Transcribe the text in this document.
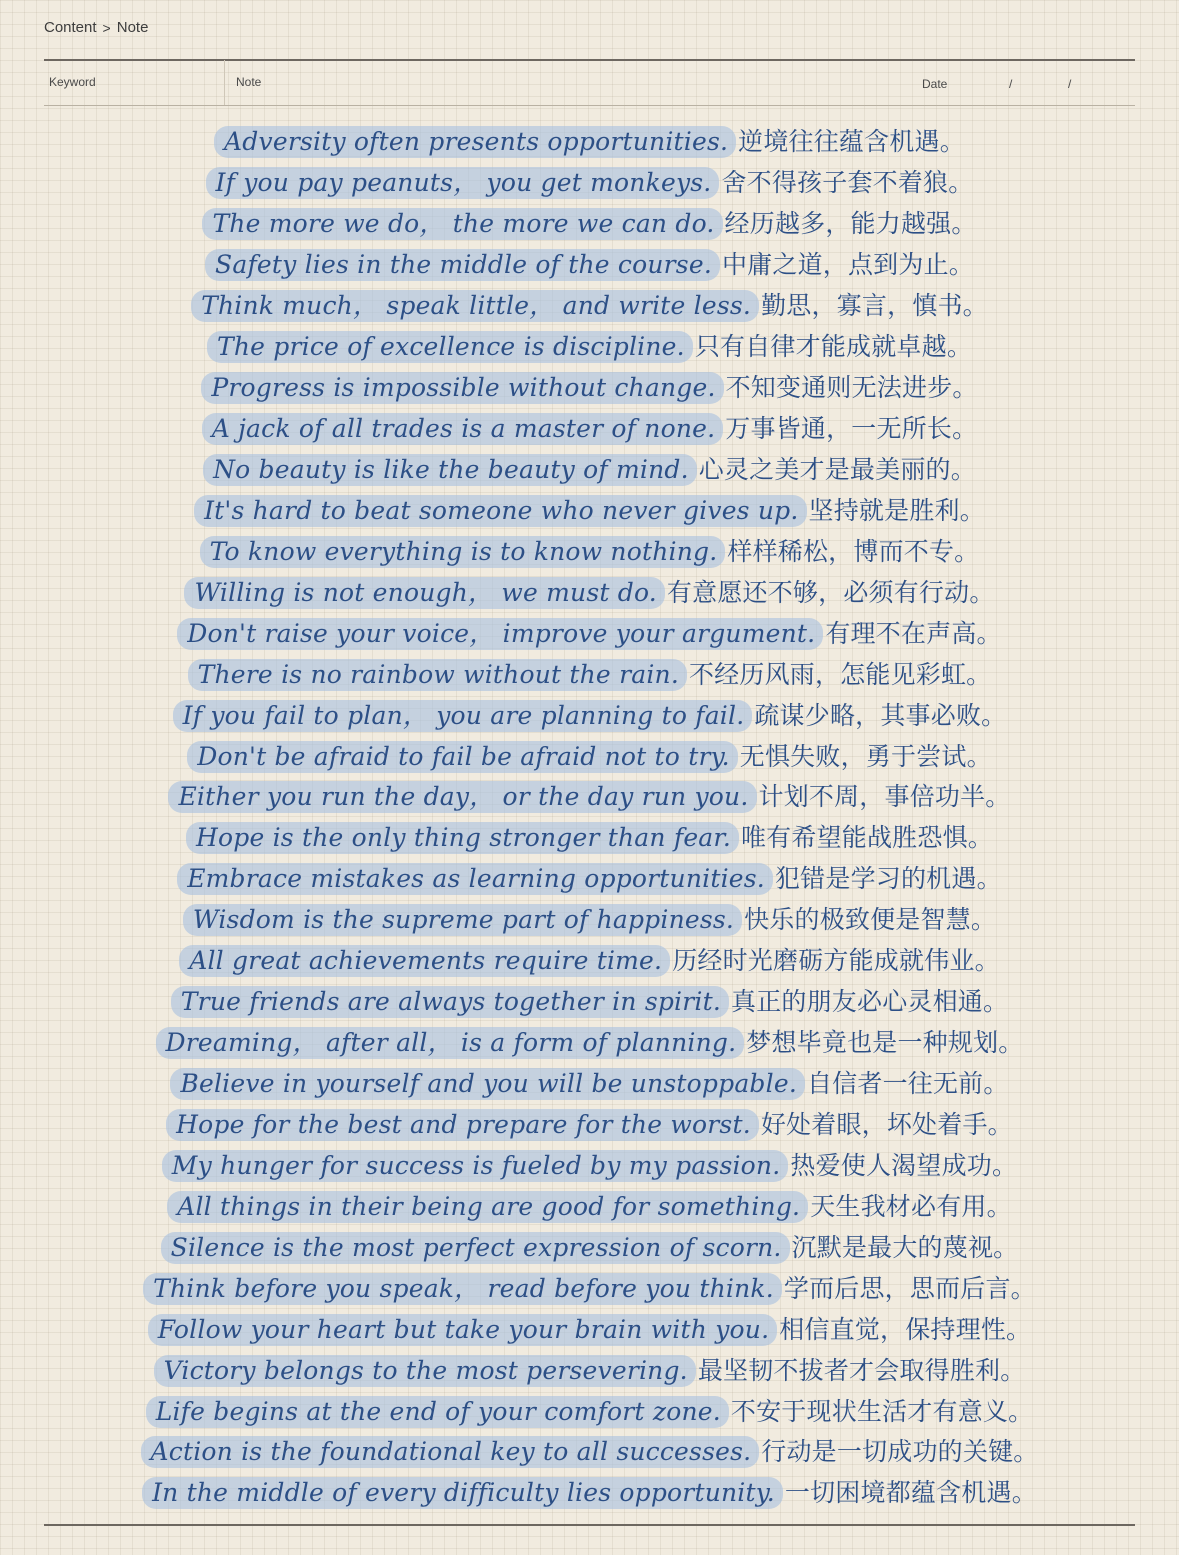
Content > Note
Keyword	Note	Date	/	/
Adversity often presents opportunities. 逆境往往蕴含机遇。
If you pay peanuts， you get monkeys. 舍不得孩子套不着狼。
The more we do， the more we can do. 经历越多，能力越强。
Safety lies in the middle of the course. 中庸之道，点到为止。
Think much， speak little， and write less. 勤思，寡言，慎书。
The price of excellence is discipline. 只有自律才能成就卓越。
Progress is impossible without change. 不知变通则无法进步。
A jack of all trades is a master of none. 万事皆通，一无所长。
No beauty is like the beauty of mind. 心灵之美才是最美丽的。
It's hard to beat someone who never gives up. 坚持就是胜利。
To know everything is to know nothing. 样样稀松，博而不专。
Willing is not enough， we must do. 有意愿还不够，必须有行动。
Don't raise your voice， improve your argument. 有理不在声高。
There is no rainbow without the rain. 不经历风雨，怎能见彩虹。
If you fail to plan， you are planning to fail. 疏谋少略，其事必败。
Don't be afraid to fail be afraid not to try. 无惧失败，勇于尝试。
Either you run the day， or the day run you. 计划不周，事倍功半。
Hope is the only thing stronger than fear. 唯有希望能战胜恐惧。
Embrace mistakes as learning opportunities. 犯错是学习的机遇。
Wisdom is the supreme part of happiness. 快乐的极致便是智慧。
All great achievements require time. 历经时光磨砺方能成就伟业。
True friends are always together in spirit. 真正的朋友必心灵相通。
Dreaming， after all， is a form of planning. 梦想毕竟也是一种规划。
Believe in yourself and you will be unstoppable. 自信者一往无前。
Hope for the best and prepare for the worst. 好处着眼，坏处着手。
My hunger for success is fueled by my passion. 热爱使人渴望成功。
All things in their being are good for something. 天生我材必有用。
Silence is the most perfect expression of scorn. 沉默是最大的蔑视。
Think before you speak， read before you think. 学而后思，思而后言。
Follow your heart but take your brain with you. 相信直觉，保持理性。
Victory belongs to the most persevering. 最坚韧不拔者才会取得胜利。
Life begins at the end of your comfort zone. 不安于现状生活才有意义。
Action is the foundational key to all successes. 行动是一切成功的关键。
In the middle of every difficulty lies opportunity. 一切困境都蕴含机遇。
